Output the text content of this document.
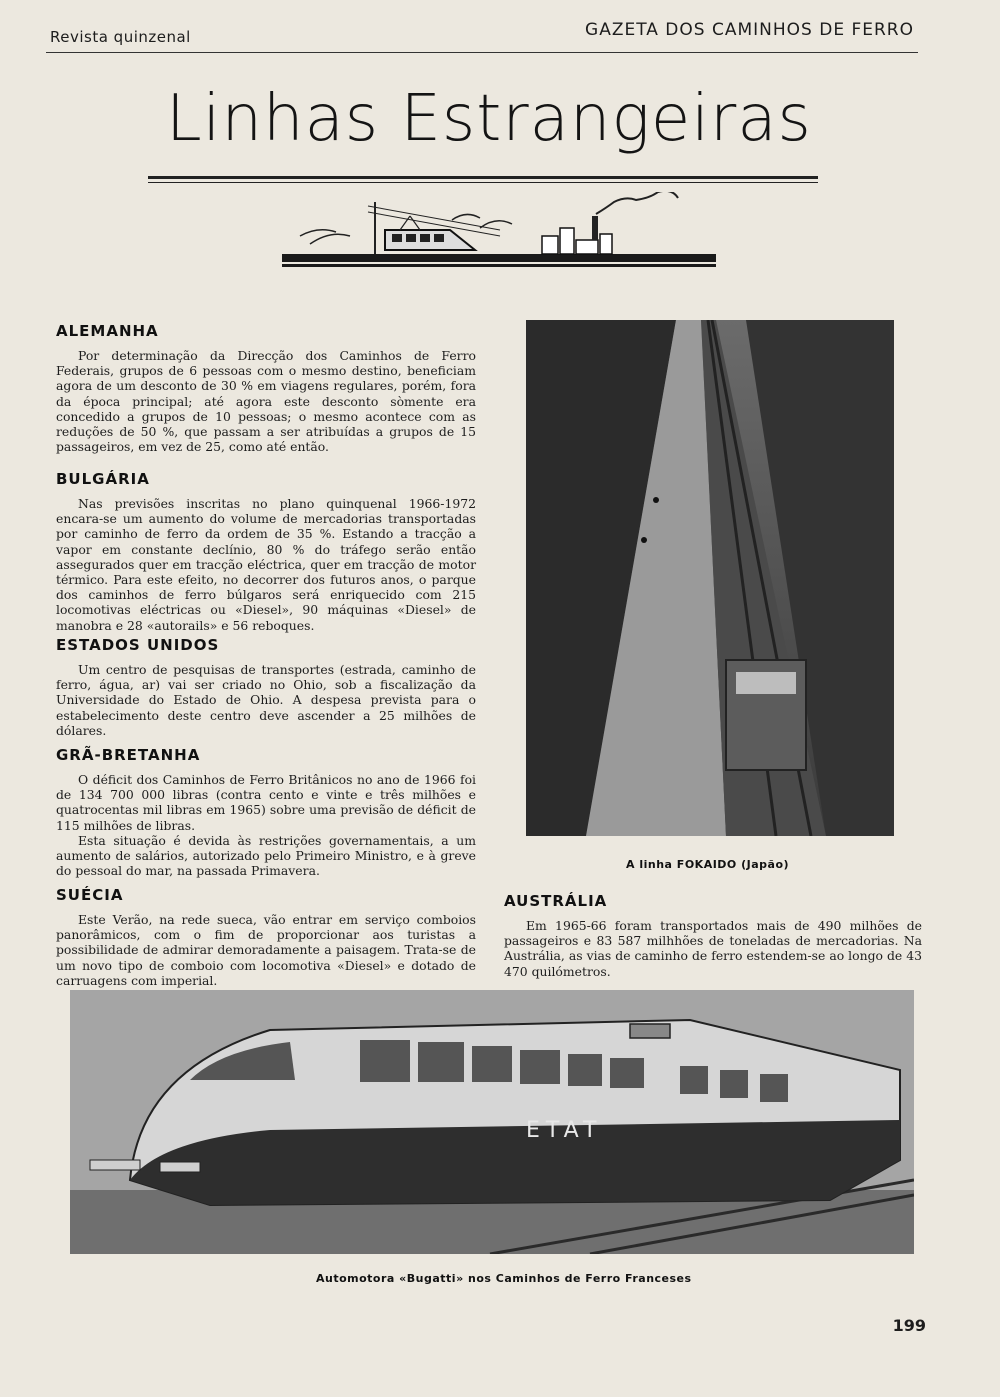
Revista quinzenal	GAZETA DOS CAMINHOS DE FERRO
Linhas Estrangeiras
ALEMANHA

Por determinação da Direcção dos Caminhos de Ferro Federais, grupos de 6 pessoas com o mesmo destino, beneficiam agora de um desconto de 30 % em viagens regulares, porém, fora da época principal; até agora este desconto sòmente era concedido a grupos de 10 pessoas; o mesmo acontece com as reduções de 50 %, que passam a ser atribuídas a grupos de 15 passageiros, em vez de 25, como até então.

BULGÁRIA

Nas previsões inscritas no plano quinquenal 1966-1972 encara-se um aumento do volume de mercadorias transportadas por caminho de ferro da ordem de 35 %. Estando a tracção a vapor em constante declínio, 80 % do tráfego serão então assegurados quer em tracção eléctrica, quer em tracção de motor térmico. Para este efeito, no decorrer dos futuros anos, o parque dos caminhos de ferro búlgaros será enriquecido com 215 locomotivas eléctricas ou «Diesel», 90 máquinas «Diesel» de manobra e 28 «autorails» e 56 reboques.

ESTADOS UNIDOS

Um centro de pesquisas de transportes (estrada, caminho de ferro, água, ar) vai ser criado no Ohio, sob a fiscalização da Universidade do Estado de Ohio. A despesa prevista para o estabelecimento deste centro deve ascender a 25 milhões de dólares.

GRÃ-BRETANHA

O déficit dos Caminhos de Ferro Britânicos no ano de 1966 foi de 134 700 000 libras (contra cento e vinte e três milhões e quatrocentas mil libras em 1965) sobre uma previsão de déficit de 115 milhões de libras.

Esta situação é devida às restrições governamentais, a um aumento de salários, autorizado pelo Primeiro Ministro, e à greve do pessoal do mar, na passada Primavera.

SUÉCIA

Este Verão, na rede sueca, vão entrar em serviço comboios panorâmicos, com o fim de proporcionar aos turistas a possibilidade de admirar demoradamente a paisagem. Trata-se de um novo tipo de comboio com locomotiva «Diesel» e dotado de carruagens com imperial.

A linha FOKAIDO (Japão)
AUSTRÁLIA

Em 1965-66 foram transportados mais de 490 milhões de passageiros e 83 587 milhhões de toneladas de mercadorias. Na Austrália, as vias de caminho de ferro estendem-se ao longo de 43 470 quilómetros.

ETAT
Automotora «Bugatti» nos Caminhos de Ferro Franceses
199
